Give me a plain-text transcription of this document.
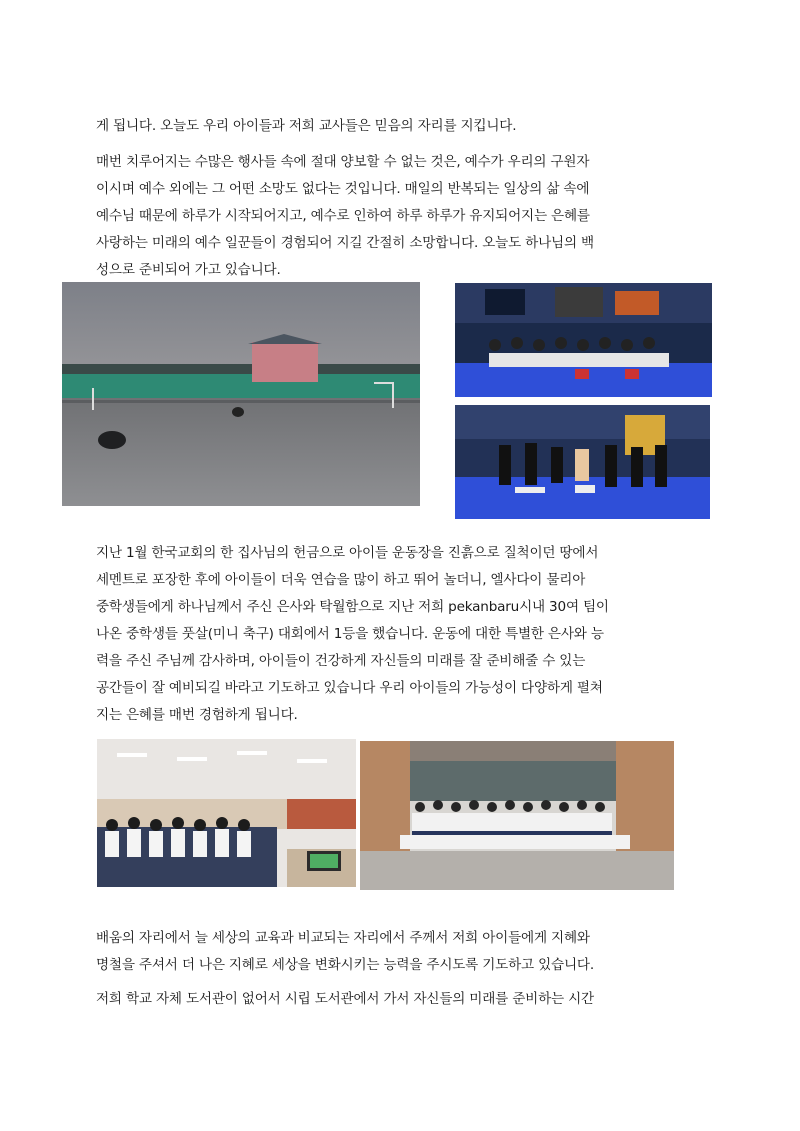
게 됩니다. 오늘도 우리 아이들과 저희 교사들은 믿음의 자리를 지킵니다.
매번 치루어지는 수많은 행사들 속에 절대 양보할 수 없는 것은, 예수가 우리의 구원자
이시며 예수 외에는 그 어떤 소망도 없다는 것입니다. 매일의 반복되는 일상의 삶 속에
예수님 때문에 하루가 시작되어지고, 예수로 인하여 하루 하루가 유지되어지는 은혜를
사랑하는 미래의 예수 일꾼들이 경험되어 지길 간절히 소망합니다. 오늘도 하나님의 백
성으로 준비되어 가고 있습니다.
지난 1월 한국교회의 한 집사님의 헌금으로 아이들 운동장을 진흙으로 질척이던 땅에서
세멘트로 포장한 후에 아이들이 더욱 연습을 많이 하고 뛰어 놀더니, 엘사다이 물리아
중학생들에게 하나님께서 주신 은사와 탁월함으로 지난 저희 pekanbaru시내 30여 팀이
나온 중학생들 풋살(미니 축구) 대회에서 1등을 했습니다. 운동에 대한 특별한 은사와 능
력을 주신 주님께 감사하며, 아이들이 건강하게 자신들의 미래를 잘 준비해줄 수 있는
공간들이 잘 예비되길 바라고 기도하고 있습니다 우리 아이들의 가능성이 다양하게 펼쳐
지는 은혜를 매번 경험하게 됩니다.
배움의 자리에서 늘 세상의 교육과 비교되는 자리에서 주께서 저희 아이들에게 지혜와
명철을 주셔서 더 나은 지혜로 세상을 변화시키는 능력을 주시도록 기도하고 있습니다.
저희 학교 자체 도서관이 없어서 시립 도서관에서 가서 자신들의 미래를 준비하는 시간
